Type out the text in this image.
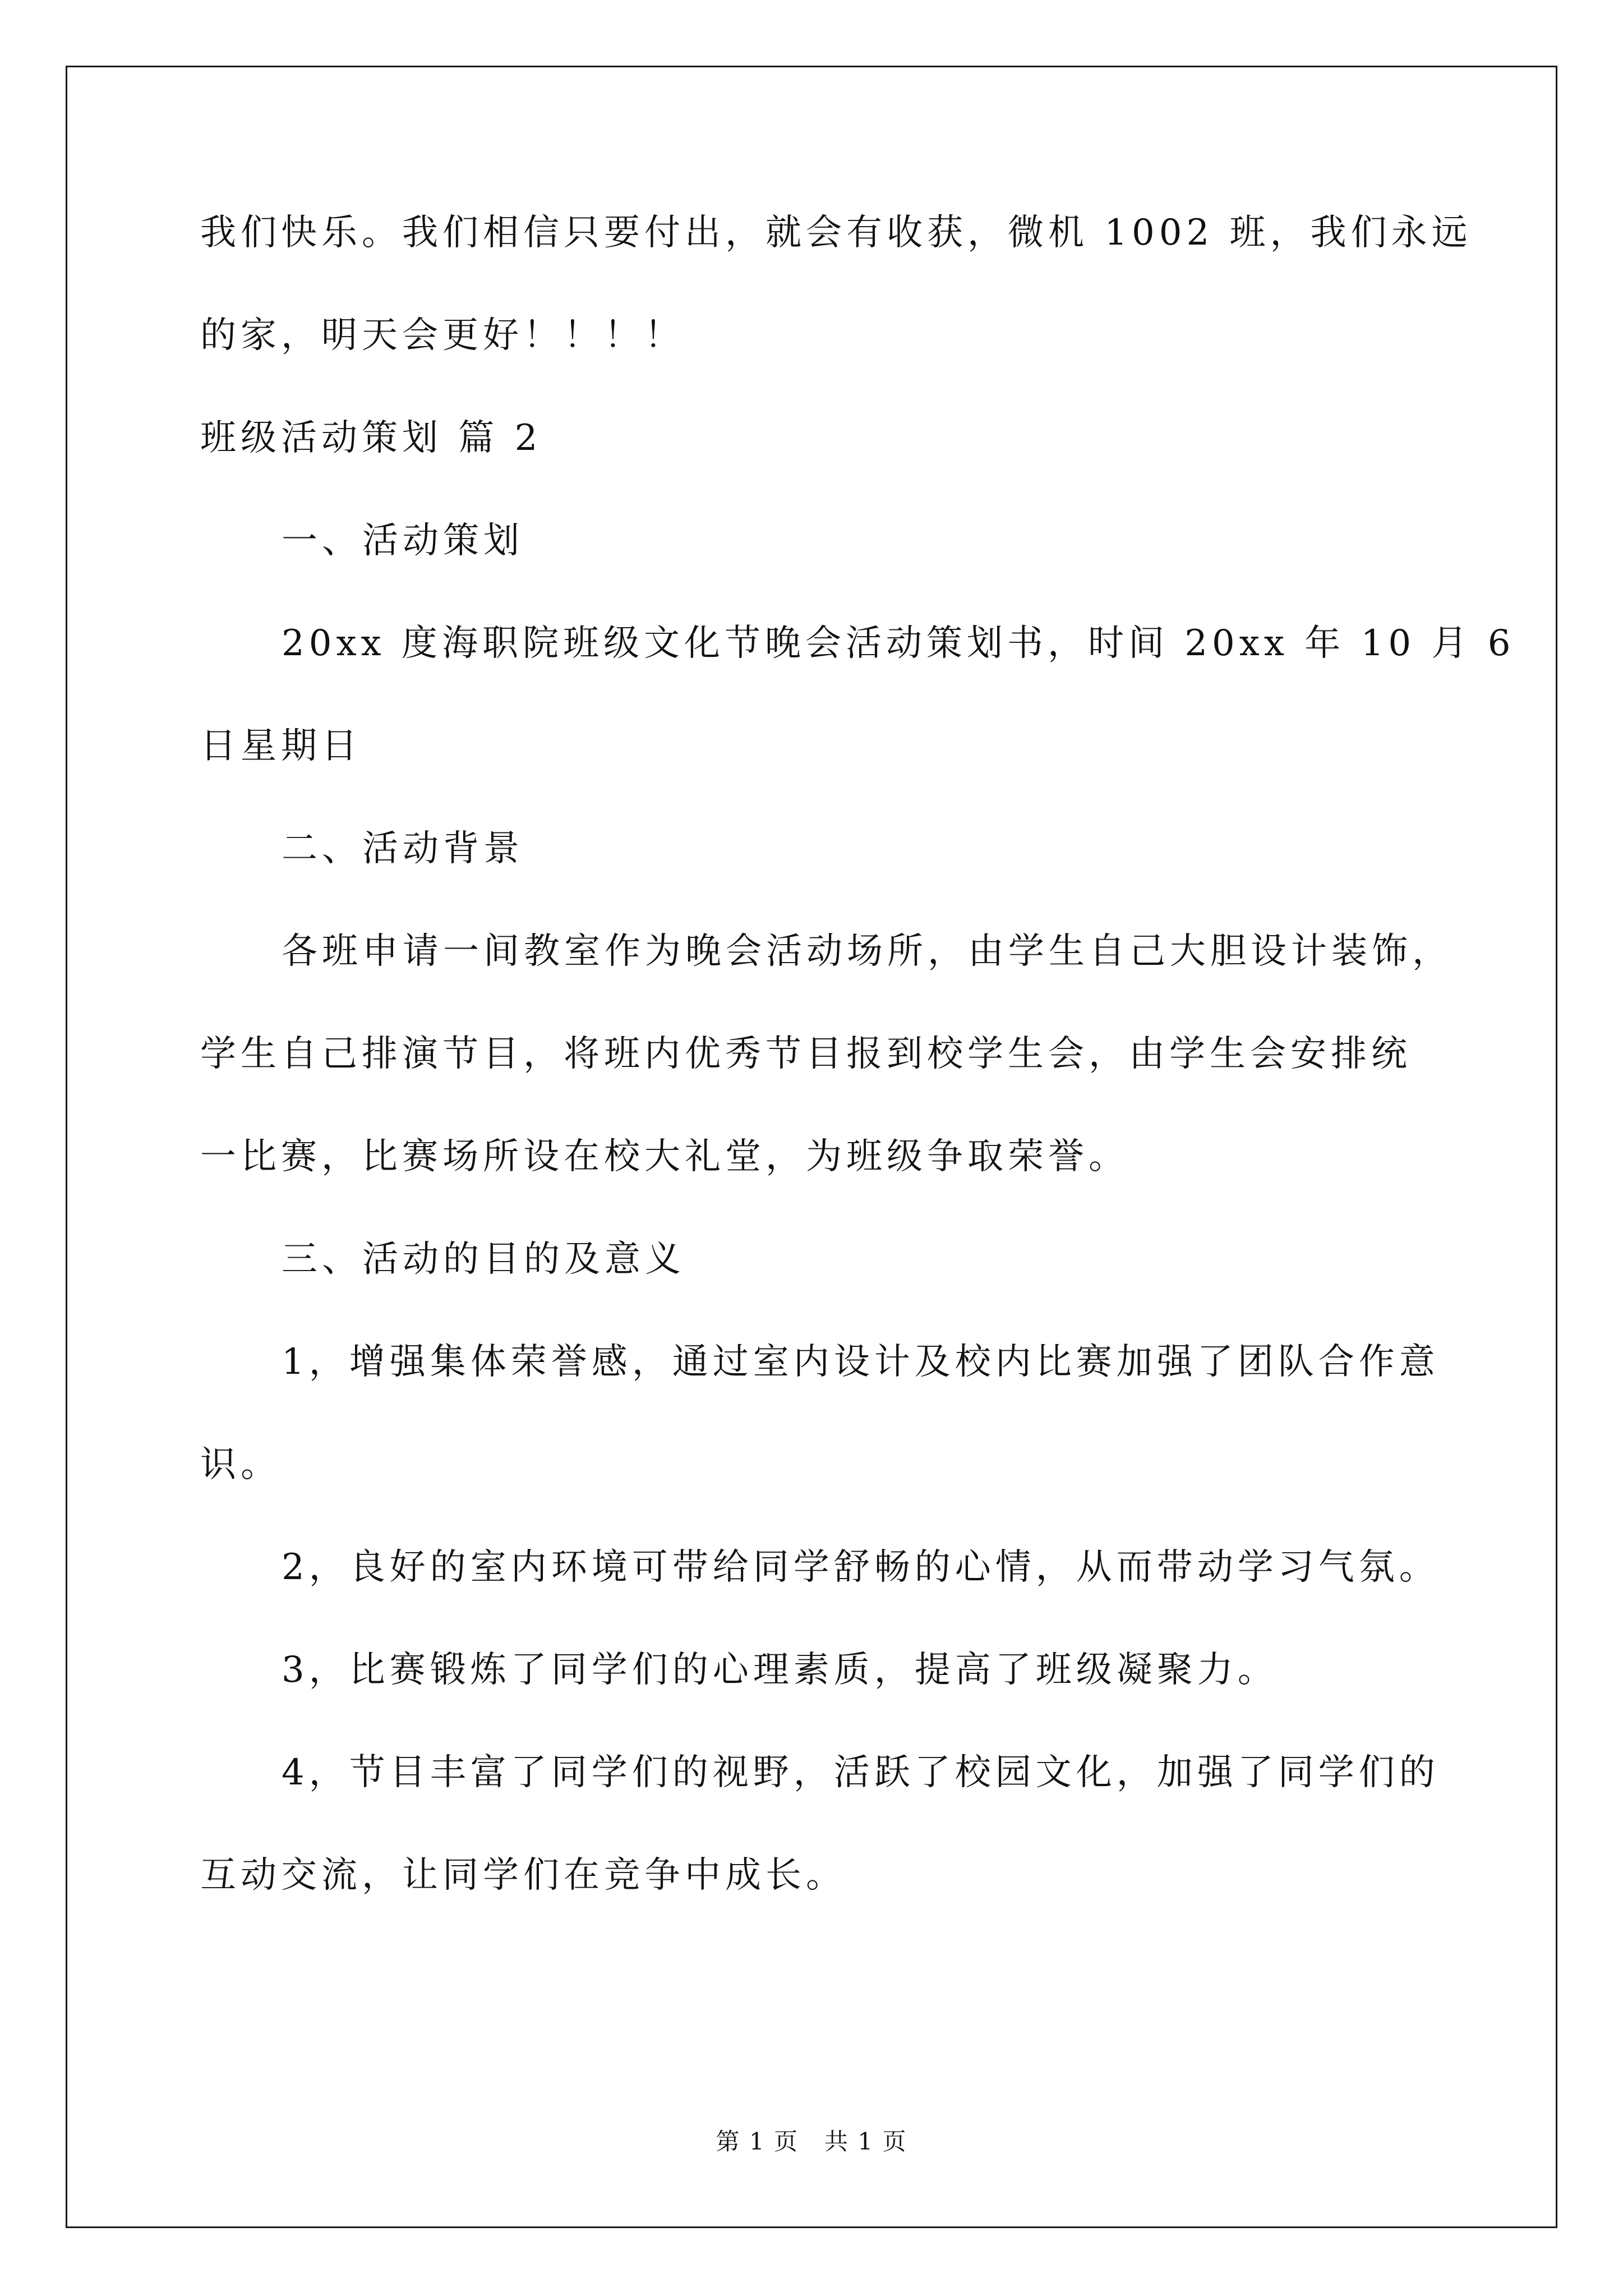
我们快乐。我们相信只要付出，就会有收获，微机 1002 班，我们永远
的家，明天会更好！！！！
班级活动策划 篇 2
一、活动策划
20xx 度海职院班级文化节晚会活动策划书，时间 20xx 年 10 月 6
日星期日
二、活动背景
各班申请一间教室作为晚会活动场所，由学生自己大胆设计装饰，
学生自己排演节目，将班内优秀节目报到校学生会，由学生会安排统
一比赛，比赛场所设在校大礼堂，为班级争取荣誉。
三、活动的目的及意义
1，增强集体荣誉感，通过室内设计及校内比赛加强了团队合作意
识。
2，良好的室内环境可带给同学舒畅的心情，从而带动学习气氛。
3，比赛锻炼了同学们的心理素质，提高了班级凝聚力。
4，节目丰富了同学们的视野，活跃了校园文化，加强了同学们的
互动交流，让同学们在竞争中成长。
第 1 页   共 1 页
